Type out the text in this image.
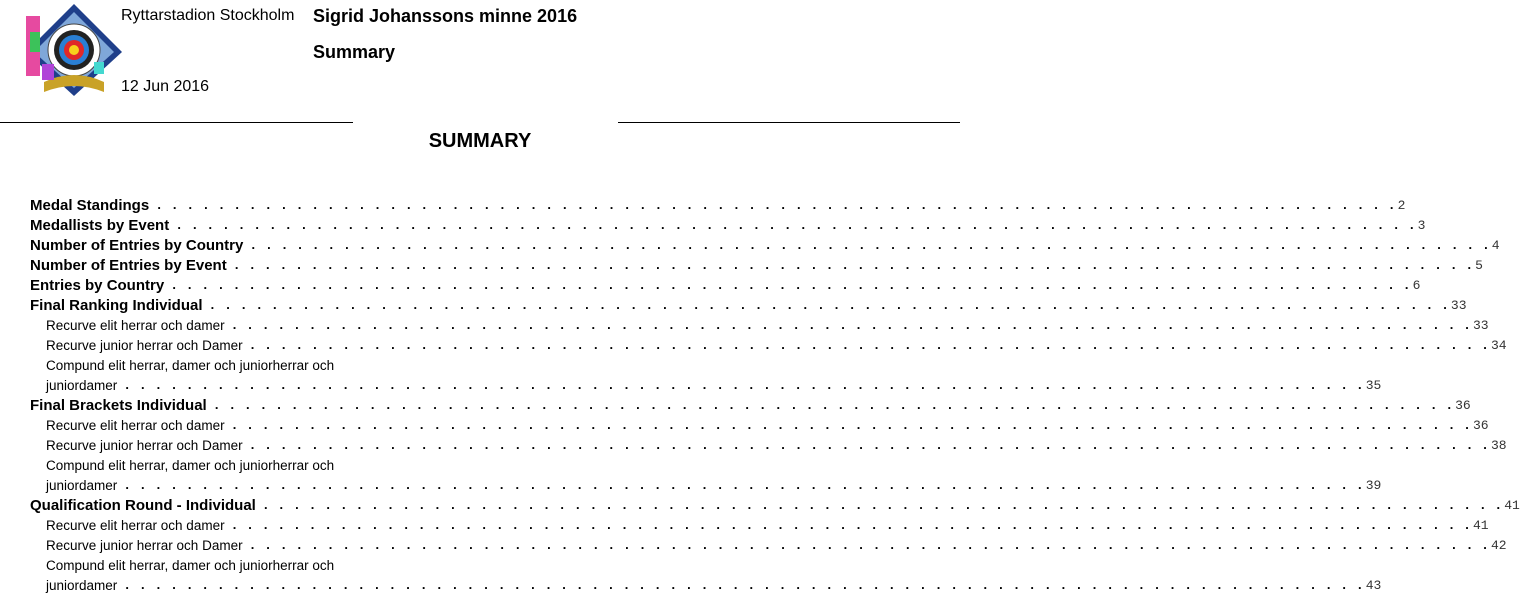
Ryttarstadion Stockholm Sigrid Johanssons minne 2016
Summary
12 Jun 2016
SUMMARY
Medal Standings . . . . . . . . . . . . . . . . . . . . . . . . . . . . . . . . . . . . . . . . . . . . . . . . . . . . . . . . . . . . . . . . . . . . . . . . . . . . . . . . 2
Medallists by Event . . . . . . . . . . . . . . . . . . . . . . . . . . . . . . . . . . . . . . . . . . . . . . . . . . . . . . . . . . . . . . . . . . . . . . . . . . . . . . . . 3
Number of Entries by Country . . . . . . . . . . . . . . . . . . . . . . . . . . . . . . . . . . . . . . . . . . . . . . . . . . . . . . . . . . . . . . . . . . . . . . . . . . . . . . . . 4
Number of Entries by Event . . . . . . . . . . . . . . . . . . . . . . . . . . . . . . . . . . . . . . . . . . . . . . . . . . . . . . . . . . . . . . . . . . . . . . . . . . . . . . . . 5
Entries by Country . . . . . . . . . . . . . . . . . . . . . . . . . . . . . . . . . . . . . . . . . . . . . . . . . . . . . . . . . . . . . . . . . . . . . . . . . . . . . . . . 6
Final Ranking Individual . . . . . . . . . . . . . . . . . . . . . . . . . . . . . . . . . . . . . . . . . . . . . . . . . . . . . . . . . . . . . . . . . . . . . . . . . . . . . . . . 33
Recurve elit herrar och damer . . . . . . . . . . . . . . . . . . . . . . . . . . . . . . . . . . . . . . . . . . . . . . . . . . . . . . . . . . . . . . . . . . . . . . . . . . . . . . . . 33
Recurve junior herrar och Damer . . . . . . . . . . . . . . . . . . . . . . . . . . . . . . . . . . . . . . . . . . . . . . . . . . . . . . . . . . . . . . . . . . . . . . . . . . . . . . . . 34
Compund elit herrar, damer och juniorherrar och
juniordamer . . . . . . . . . . . . . . . . . . . . . . . . . . . . . . . . . . . . . . . . . . . . . . . . . . . . . . . . . . . . . . . . . . . . . . . . . . . . . . . . 35
Final Brackets Individual . . . . . . . . . . . . . . . . . . . . . . . . . . . . . . . . . . . . . . . . . . . . . . . . . . . . . . . . . . . . . . . . . . . . . . . . . . . . . . . . 36
Recurve elit herrar och damer . . . . . . . . . . . . . . . . . . . . . . . . . . . . . . . . . . . . . . . . . . . . . . . . . . . . . . . . . . . . . . . . . . . . . . . . . . . . . . . . 36
Recurve junior herrar och Damer . . . . . . . . . . . . . . . . . . . . . . . . . . . . . . . . . . . . . . . . . . . . . . . . . . . . . . . . . . . . . . . . . . . . . . . . . . . . . . . . 38
Compund elit herrar, damer och juniorherrar och
juniordamer . . . . . . . . . . . . . . . . . . . . . . . . . . . . . . . . . . . . . . . . . . . . . . . . . . . . . . . . . . . . . . . . . . . . . . . . . . . . . . . . 39
Qualification Round - Individual . . . . . . . . . . . . . . . . . . . . . . . . . . . . . . . . . . . . . . . . . . . . . . . . . . . . . . . . . . . . . . . . . . . . . . . . . . . . . . . . 41
Recurve elit herrar och damer . . . . . . . . . . . . . . . . . . . . . . . . . . . . . . . . . . . . . . . . . . . . . . . . . . . . . . . . . . . . . . . . . . . . . . . . . . . . . . . . 41
Recurve junior herrar och Damer . . . . . . . . . . . . . . . . . . . . . . . . . . . . . . . . . . . . . . . . . . . . . . . . . . . . . . . . . . . . . . . . . . . . . . . . . . . . . . . . 42
Compund elit herrar, damer och juniorherrar och
juniordamer . . . . . . . . . . . . . . . . . . . . . . . . . . . . . . . . . . . . . . . . . . . . . . . . . . . . . . . . . . . . . . . . . . . . . . . . . . . . . . . . 43
